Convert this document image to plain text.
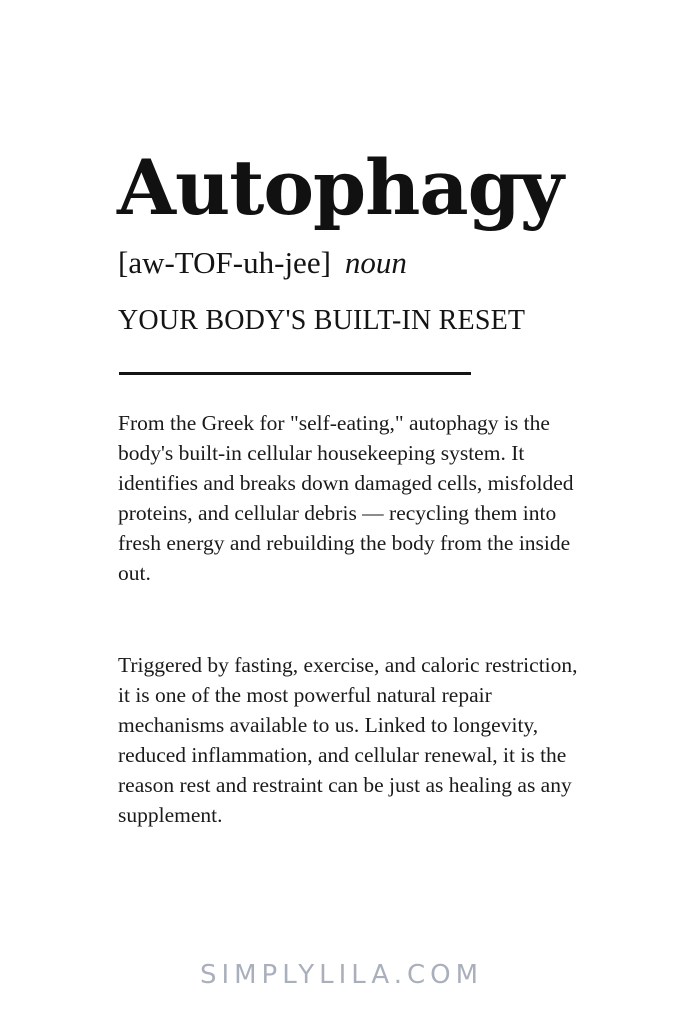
Autophagy
[aw-TOF-uh-jee] noun
YOUR BODY'S BUILT-IN RESET

From the Greek for "self-eating," autophagy is the body's built-in cellular housekeeping system. It identifies and breaks down damaged cells, misfolded proteins, and cellular debris — recycling them into fresh energy and rebuilding the body from the inside out.

Triggered by fasting, exercise, and caloric restriction, it is one of the most powerful natural repair mechanisms available to us. Linked to longevity, reduced inflammation, and cellular renewal, it is the reason rest and restraint can be just as healing as any supplement.

SIMPLYLILA.COM
